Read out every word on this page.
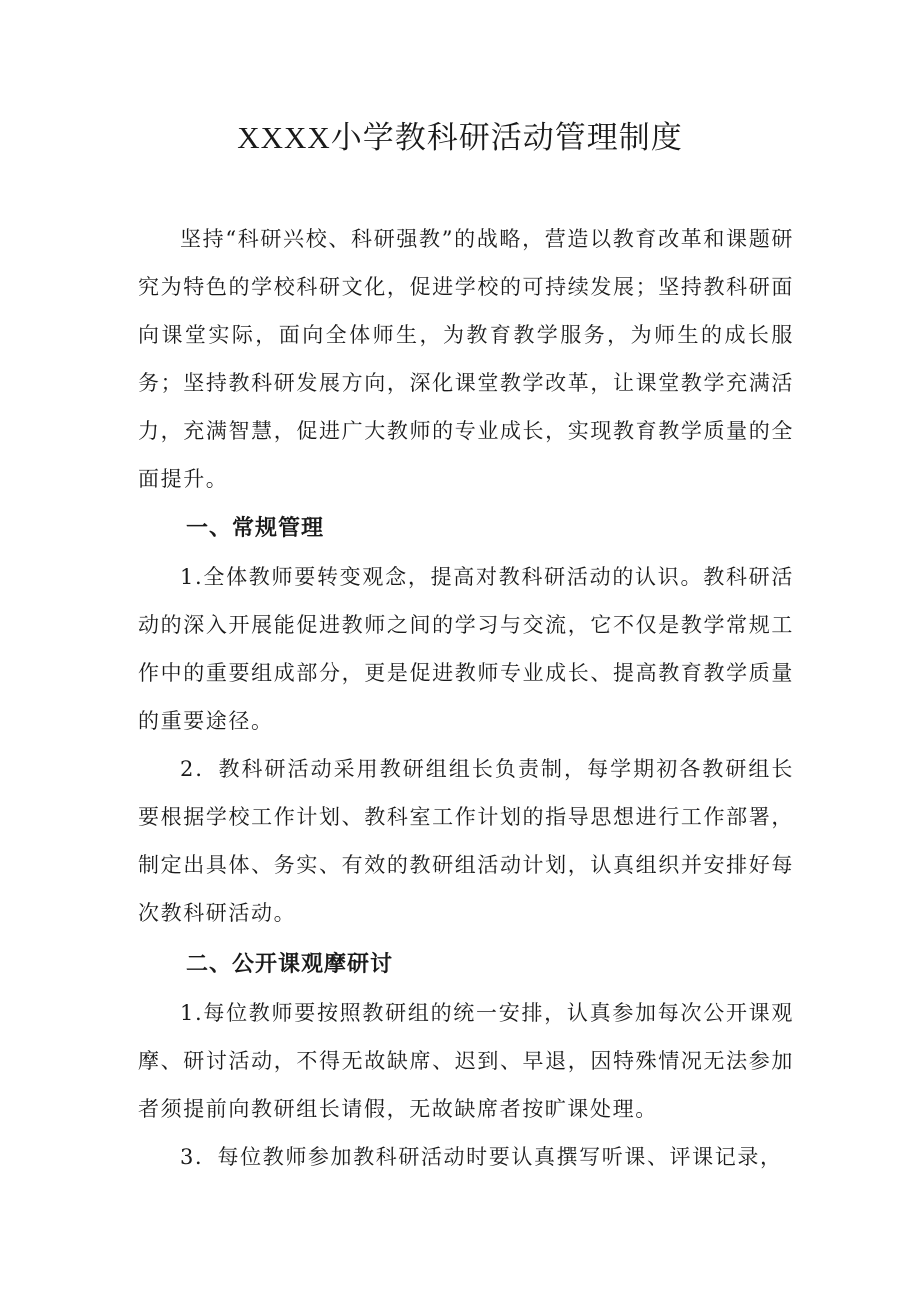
XXXX小学教科研活动管理制度

坚持“科研兴校、科研强教”的战略，营造以教育改革和课题研究为特色的学校科研文化，促进学校的可持续发展；坚持教科研面向课堂实际，面向全体师生，为教育教学服务，为师生的成长服务；坚持教科研发展方向，深化课堂教学改革，让课堂教学充满活力，充满智慧，促进广大教师的专业成长，实现教育教学质量的全面提升。

一、常规管理

1.全体教师要转变观念，提高对教科研活动的认识。教科研活动的深入开展能促进教师之间的学习与交流，它不仅是教学常规工作中的重要组成部分，更是促进教师专业成长、提高教育教学质量的重要途径。

2．教科研活动采用教研组组长负责制，每学期初各教研组长要根据学校工作计划、教科室工作计划的指导思想进行工作部署，制定出具体、务实、有效的教研组活动计划，认真组织并安排好每次教科研活动。

二、公开课观摩研讨

1.每位教师要按照教研组的统一安排，认真参加每次公开课观摩、研讨活动，不得无故缺席、迟到、早退，因特殊情况无法参加者须提前向教研组长请假，无故缺席者按旷课处理。

3．每位教师参加教科研活动时要认真撰写听课、评课记录，
